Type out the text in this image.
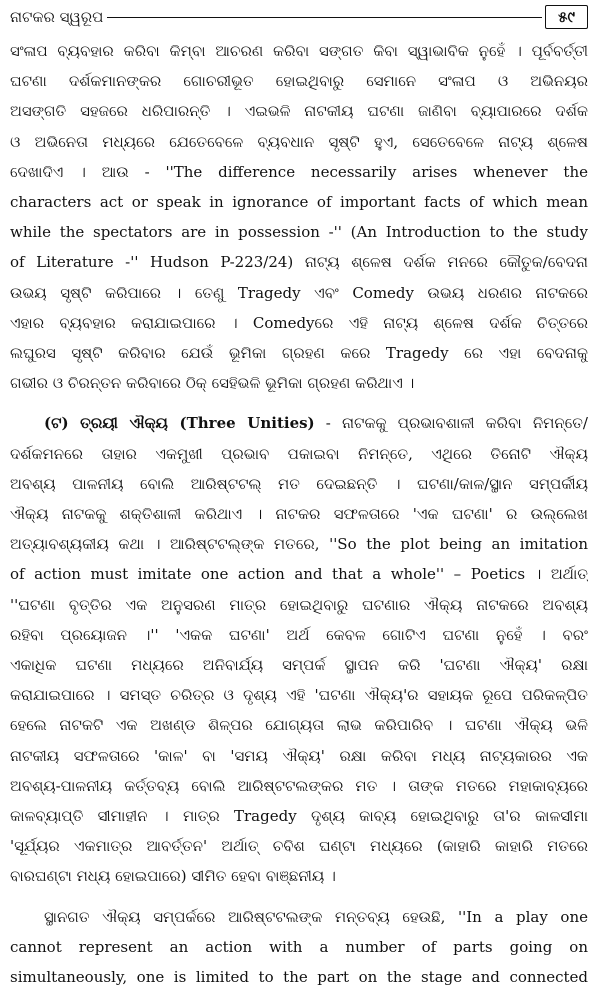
ନାଟକର ସ୍ୱରୂପ	୫୯

ସଂଳାପ ବ୍ୟବହାର କରିବା କିମ୍ବା ଆଚରଣ କରିବା ସଙ୍ଗତ କିବା ସ୍ୱାଭାବିକ ନୁହେଁ । ପୂର୍ବବର୍ତ୍ତୀ
ଘଟଣା ଦର୍ଶକମାନଙ୍କର ଗୋଚରୀଭୂତ ହୋଇଥିବାରୁ ସେମାନେ ସଂଳାପ ଓ ଅଭିନୟର
ଅସଙ୍ଗତି ସହଜରେ ଧରିପାରନ୍ତି । ଏଇଭଳି ନାଟକୀୟ ଘଟଣା ଜାଣିବା ବ୍ୟାପାରରେ ଦର୍ଶକ
ଓ ଅଭିନେତା ମଧ୍ୟରେ ଯେତେବେଳେ ବ୍ୟବଧାନ ସୃଷ୍ଟି ହୁଏ, ସେତେବେଳେ ନାଟ୍ୟ ଶ୍ଳେଷ
ଦେଖାଦିଏ । ଆଉ - ''The difference necessarily arises whenever the
characters act or speak in ignorance of important facts of which mean
while the spectators are in possession -'' (An Introduction to the study
of Literature -'' Hudson P-223/24) ନାଟ୍ୟ ଶ୍ଳେଷ ଦର୍ଶକ ମନରେ କୌତୁକ/ବେଦନା
ଉଭୟ ସୃଷ୍ଟି କରିପାରେ । ତେଣୁ Tragedy ଏବଂ Comedy ଉଭୟ ଧରଣର ନାଟକରେ
ଏହାର ବ୍ୟବହାର କରାଯାଇପାରେ । Comedyରେ ଏହି ନାଟ୍ୟ ଶ୍ଳେଷ ଦର୍ଶକ ଚିତ୍ତରେ
ଲଘୁରସ ସୃଷ୍ଟି କରିବାର ଯେଉଁ ଭୂମିକା ଗ୍ରହଣ କରେ Tragedy ରେ ଏହା ବେଦନାକୁ
ଗଭୀର ଓ ଚିରନ୍ତନ କରିବାରେ ଠିକ୍ ସେହିଭଳି ଭୂମିକା ଗ୍ରହଣ କରିଥାଏ ।

(ଟ) ତ୍ରୟୀ ଐକ୍ୟ (Three Unities) - ନାଟକକୁ ପ୍ରଭାବଶାଳୀ କରିବା ନିମନ୍ତେ/
ଦର୍ଶକମନରେ ତାହାର ଏକମୁଖୀ ପ୍ରଭାବ ପକାଇବା ନିମନ୍ତେ, ଏଥିରେ ତିନୋଟି ଐକ୍ୟ
ଅବଶ୍ୟ ପାଳନୀୟ ବୋଲି ଆରିଷ୍ଟଟଲ୍ ମତ ଦେଇଛନ୍ତି । ଘଟଣା/କାଳ/ସ୍ଥାନ ସମ୍ପର୍କୀୟ
ଐକ୍ୟ ନାଟକକୁ ଶକ୍ତିଶାଳୀ କରିଥାଏ । ନାଟକର ସଫଳତାରେ 'ଏକ ଘଟଣା' ର ଉଲ୍ଲେଖ
ଅତ୍ୟାବଶ୍ୟକୀୟ କଥା । ଆରିଷ୍ଟଟଲ୍‌ଙ୍କ ମତରେ, ''So the plot being an imitation
of action must imitate one action and that a whole'' – Poetics । ଅର୍ଥାତ୍
''ଘଟଣା ବୃତ୍ତିର ଏକ ଅନୁସରଣ ମାତ୍ର ହୋଇଥିବାରୁ ଘଟଣାର ଐକ୍ୟ ନାଟକରେ ଅବଶ୍ୟ
ରହିବା ପ୍ରୟୋଜନ ।'' 'ଏକକ ଘଟଣା' ଅର୍ଥ କେବଳ ଗୋଟିଏ ଘଟଣା ନୁହେଁ । ବରଂ
ଏକାଧିକ ଘଟଣା ମଧ୍ୟରେ ଅନିବାର୍ଯ୍ୟ ସମ୍ପର୍କ ସ୍ଥାପନ କରି 'ଘଟଣା ଐକ୍ୟ' ରକ୍ଷା
କରାଯାଇପାରେ । ସମସ୍ତ ଚରିତ୍ର ଓ ଦୃଶ୍ୟ ଏହି 'ଘଟଣା ଐକ୍ୟ'ର ସହାୟକ ରୂପେ ପରିକଳ୍ପିତ
ହେଲେ ନାଟକଟି ଏକ ଅଖଣ୍ଡ ଶିଳ୍ପର ଯୋଗ୍ୟତା ଲାଭ କରିପାରିବ । ଘଟଣା ଐକ୍ୟ ଭଳି
ନାଟକୀୟ ସଫଳତାରେ 'କାଳ' ବା 'ସମୟ ଐକ୍ୟ' ରକ୍ଷା କରିବା ମଧ୍ୟ ନାଟ୍ୟକାରର ଏକ
ଅବଶ୍ୟ-ପାଳନୀୟ କର୍ତ୍ତବ୍ୟ ବୋଲି ଆରିଷ୍ଟଟଲଙ୍କର ମତ । ତାଙ୍କ ମତରେ ମହାକାବ୍ୟରେ
କାଳବ୍ୟାପ୍ତି ସୀମାହୀନ । ମାତ୍ର Tragedy ଦୃଶ୍ୟ କାବ୍ୟ ହୋଇଥିବାରୁ ତା'ର କାଳସୀମା
'ସୂର୍ଯ୍ୟର ଏକମାତ୍ର ଆବର୍ତ୍ତନ' ଅର୍ଥାତ୍ ଚବିଶ ଘଣ୍ଟା ମଧ୍ୟରେ (କାହାରି କାହାରି ମତରେ
ବାରଘଣ୍ଟା ମଧ୍ୟ ହୋଇପାରେ) ସୀମିତ ହେବା ବାଞ୍ଛନୀୟ ।

ସ୍ଥାନଗତ ଐକ୍ୟ ସମ୍ପର୍କରେ ଆରିଷ୍ଟଟଲଙ୍କ ମନ୍ତବ୍ୟ ହେଉଛି, ''In a play one
cannot represent an action with a number of parts going on
simultaneously, one is limited to the part on the stage and connected
